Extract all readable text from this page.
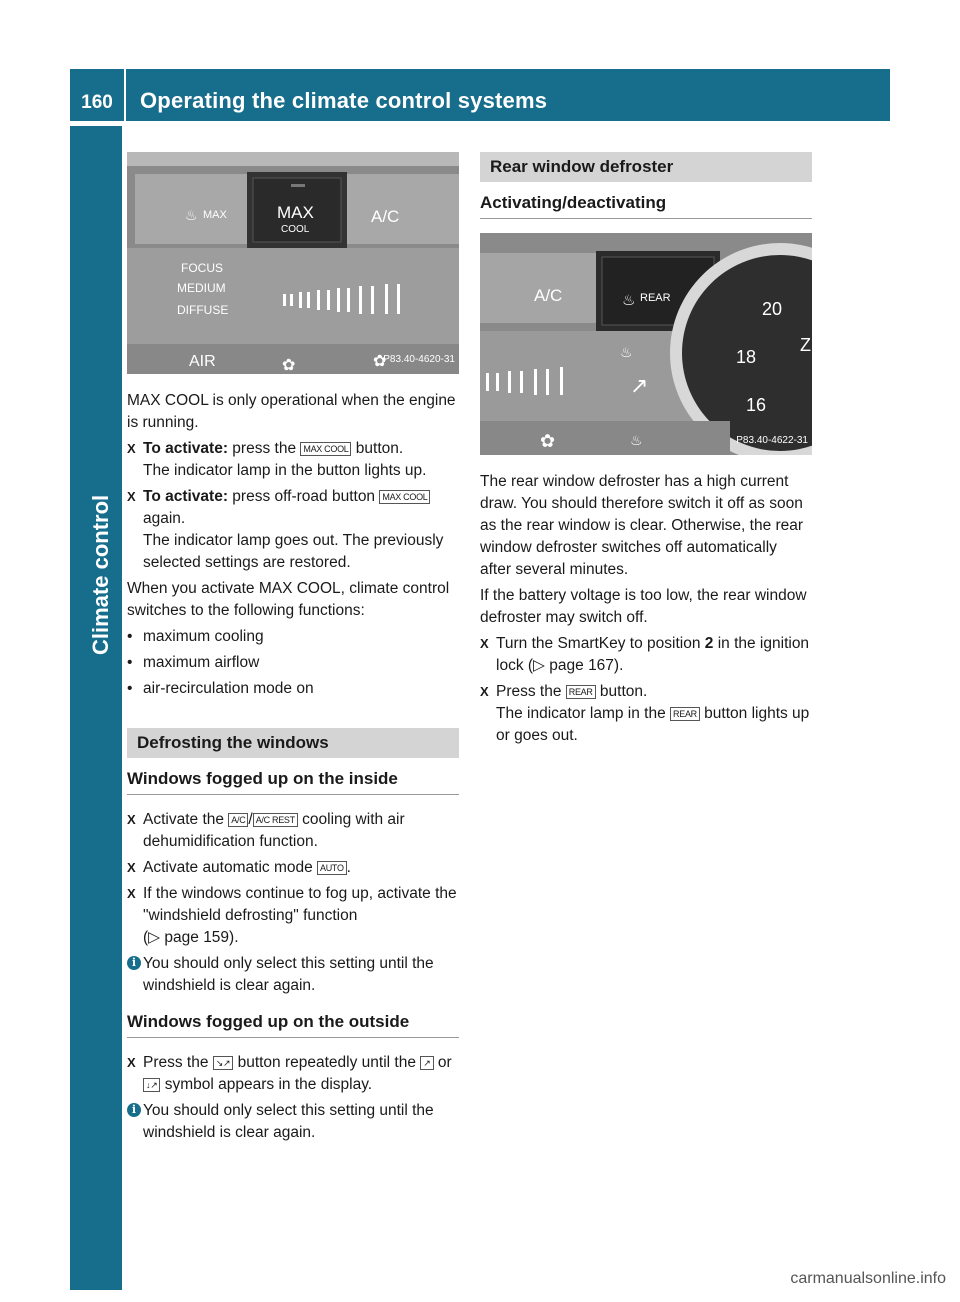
160	Operating the climate control systems
Climate control
♨ MAX	MAX
COOL
A/C
FOCUS
MEDIUM
DIFFUSE
AIR	✿	✿
P83.40-4620-31

MAX COOL is only operational when the engine is running.

X To activate: press the MAX COOL button.
The indicator lamp in the button lights up.
X To activate: press off-road button MAX COOL again.
The indicator lamp goes out. The previously selected settings are restored.

When you activate MAX COOL, climate control switches to the following functions:

• maximum cooling
• maximum airflow
• air-recirculation mode on
Defrosting the windows
Windows fogged up on the inside
X Activate the A/C / A/C REST cooling with air dehumidification function.
X Activate automatic mode AUTO .
X If the windows continue to fog up, activate the "windshield defrosting" function
(▷ page 159).
i You should only select this setting until the windshield is clear again.
Windows fogged up on the outside
X Press the ↘↗ button repeatedly until the ↗ or ↓↗ symbol appears in the display.
i You should only select this setting until the windshield is clear again.
Rear window defroster
Activating/deactivating
A/C	♨ REAR
♨
↗
20
18
16
Z
✿	♨	P83.40-4622-31

The rear window defroster has a high current draw. You should therefore switch it off as soon as the rear window is clear. Otherwise, the rear window defroster switches off automatically after several minutes.

If the battery voltage is too low, the rear window defroster may switch off.

X Turn the SmartKey to position 2 in the ignition lock (▷ page 167).
X Press the REAR button.
The indicator lamp in the REAR button lights up or goes out.
carmanualsonline.info
